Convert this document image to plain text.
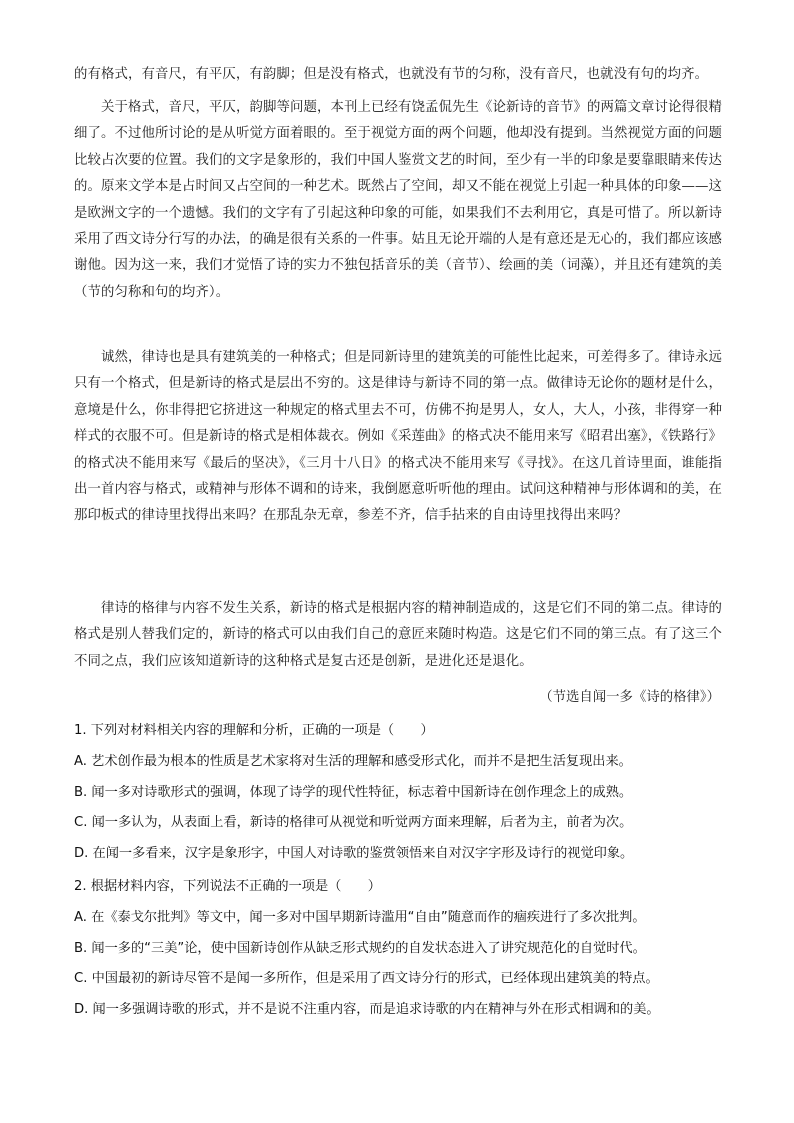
的有格式，有音尺，有平仄，有韵脚；但是没有格式，也就没有节的匀称，没有音尺，也就没有句的均齐。
关于格式，音尺，平仄，韵脚等问题，本刊上已经有饶孟侃先生《论新诗的音节》的两篇文章讨论得很精细了。不过他所讨论的是从听觉方面着眼的。至于视觉方面的两个问题，他却没有提到。当然视觉方面的问题比较占次要的位置。我们的文字是象形的，我们中国人鉴赏文艺的时间，至少有一半的印象是要靠眼睛来传达的。原来文学本是占时间又占空间的一种艺术。既然占了空间，却又不能在视觉上引起一种具体的印象——这是欧洲文字的一个遗憾。我们的文字有了引起这种印象的可能，如果我们不去利用它，真是可惜了。所以新诗采用了西文诗分行写的办法，的确是很有关系的一件事。姑且无论开端的人是有意还是无心的，我们都应该感谢他。因为这一来，我们才觉悟了诗的实力不独包括音乐的美（音节）、绘画的美（词藻），并且还有建筑的美（节的匀称和句的均齐）。
诚然，律诗也是具有建筑美的一种格式；但是同新诗里的建筑美的可能性比起来，可差得多了。律诗永远只有一个格式，但是新诗的格式是层出不穷的。这是律诗与新诗不同的第一点。做律诗无论你的题材是什么，意境是什么，你非得把它挤进这一种规定的格式里去不可，仿佛不拘是男人，女人，大人，小孩，非得穿一种样式的衣服不可。但是新诗的格式是相体裁衣。例如《采莲曲》的格式决不能用来写《昭君出塞》，《铁路行》的格式决不能用来写《最后的坚决》，《三月十八日》的格式决不能用来写《寻找》。在这几首诗里面，谁能指出一首内容与格式，或精神与形体不调和的诗来，我倒愿意听听他的理由。试问这种精神与形体调和的美，在那印板式的律诗里找得出来吗？在那乱杂无章，参差不齐，信手拈来的自由诗里找得出来吗？
律诗的格律与内容不发生关系，新诗的格式是根据内容的精神制造成的，这是它们不同的第二点。律诗的格式是别人替我们定的，新诗的格式可以由我们自己的意匠来随时构造。这是它们不同的第三点。有了这三个不同之点，我们应该知道新诗的这种格式是复古还是创新，是进化还是退化。
（节选自闻一多《诗的格律》）
1. 下列对材料相关内容的理解和分析，正确的一项是（　　）
A. 艺术创作最为根本的性质是艺术家将对生活的理解和感受形式化，而并不是把生活复现出来。
B. 闻一多对诗歌形式的强调，体现了诗学的现代性特征，标志着中国新诗在创作理念上的成熟。
C. 闻一多认为，从表面上看，新诗的格律可从视觉和听觉两方面来理解，后者为主，前者为次。
D. 在闻一多看来，汉字是象形字，中国人对诗歌的鉴赏领悟来自对汉字字形及诗行的视觉印象。
2. 根据材料内容，下列说法不正确的一项是（　　）
A. 在《泰戈尔批判》等文中，闻一多对中国早期新诗滥用“自由”随意而作的痼疾进行了多次批判。
B. 闻一多的“三美”论，使中国新诗创作从缺乏形式规约的自发状态进入了讲究规范化的自觉时代。
C. 中国最初的新诗尽管不是闻一多所作，但是采用了西文诗分行的形式，已经体现出建筑美的特点。
D. 闻一多强调诗歌的形式，并不是说不注重内容，而是追求诗歌的内在精神与外在形式相调和的美。
